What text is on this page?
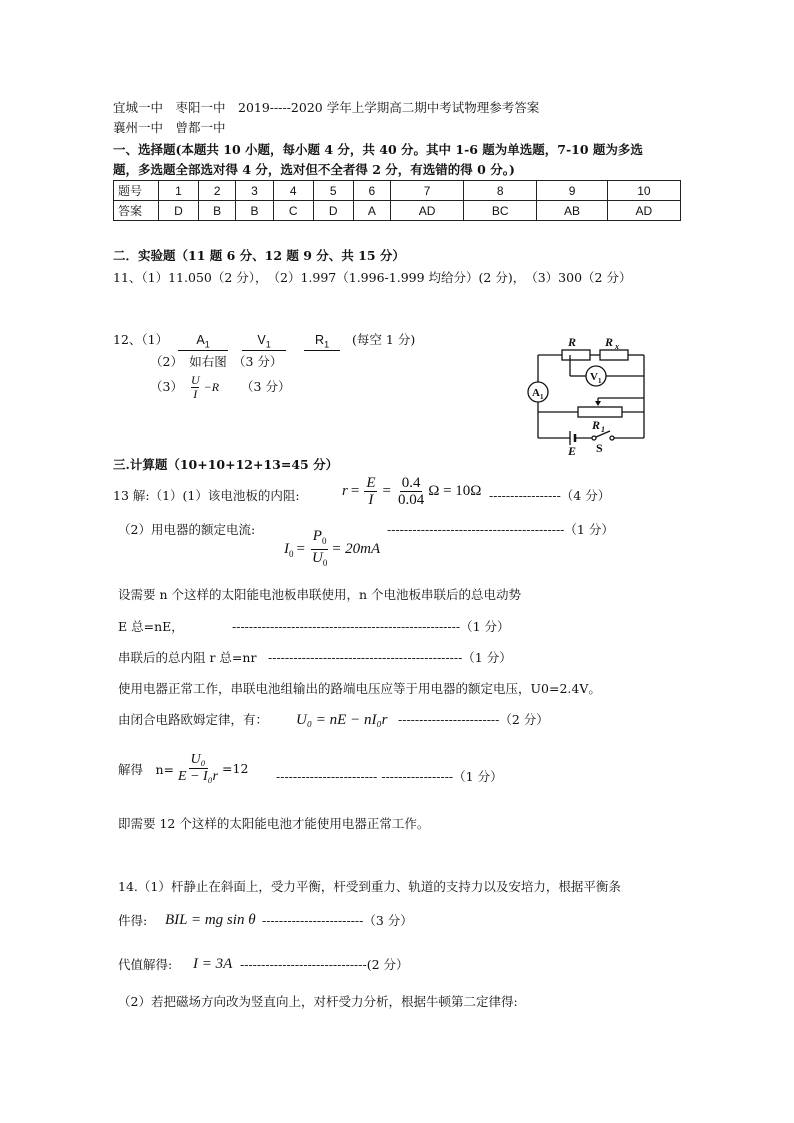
宜城一中　枣阳一中　2019-----2020 学年上学期高二期中考试物理参考答案
襄州一中　曾都一中
一、选择题(本题共 10 小题，每小题 4 分，共 40 分。其中 1-6 题为单选题，7-10 题为多选
题，多选题全部选对得 4 分，选对但不全者得 2 分，有选错的得 0 分。)
题号	1	2	3	4	5	6	7	8	9	10
答案	D	B	B	C	D	A	AD	BC	AB	AD
二．实验题（11 题 6 分、12 题 9 分、共 15 分）
11、（1）11.050（2 分），　（2）1.997（1.996-1.999 均给分）(2 分)，　（3）300（2 分）
12、（1） $A_1$	$V_1$	$R_1$ (每空 1 分)
（2）　如右图　（3 分）
$(3) \frac{U}{I} -R$ （3 分）
R R x
V 1
A 1
R 1
E S
三.计算题（10+10+12+13=45 分）
13 解:（1）(1）该电池板的内阻:	$r = \frac{E}{I} = \frac{0.4}{0.04}$ Ω = 10Ω -----------------（4 分）
（2）用电器的额定电流:	------------------------------------------（1 分）
$I_0 = \frac{P_0}{U_0} = 20mA$
设需要 n 个这样的太阳能电池板串联使用，n 个电池板串联后的总电动势
E 总=nE，	------------------------------------------------------（1 分）
串联后的总内阻 r 总=nr ----------------------------------------------（1 分）
使用电器正常工作，串联电池组输出的路端电压应等于用电器的额定电压，U0=2.4V。
由闭合电路欧姆定律，有： U₀ = nE − nI₀r ------------------------（2 分）
解得　$n= \frac{\text{U₀}}{\text{E − I₀r}} =12$
------------------------ -----------------（1 分）
即需要 12 个这样的太阳能电池才能使用电器正常工作。
14.（1）杆静止在斜面上，受力平衡，杆受到重力、轨道的支持力以及安培力，根据平衡条
件得: BIL = mg sin θ ------------------------（3 分）
代值解得: I = 3A ------------------------------(2 分）
（2）若把磁场方向改为竖直向上，对杆受力分析，根据牛顿第二定律得:
